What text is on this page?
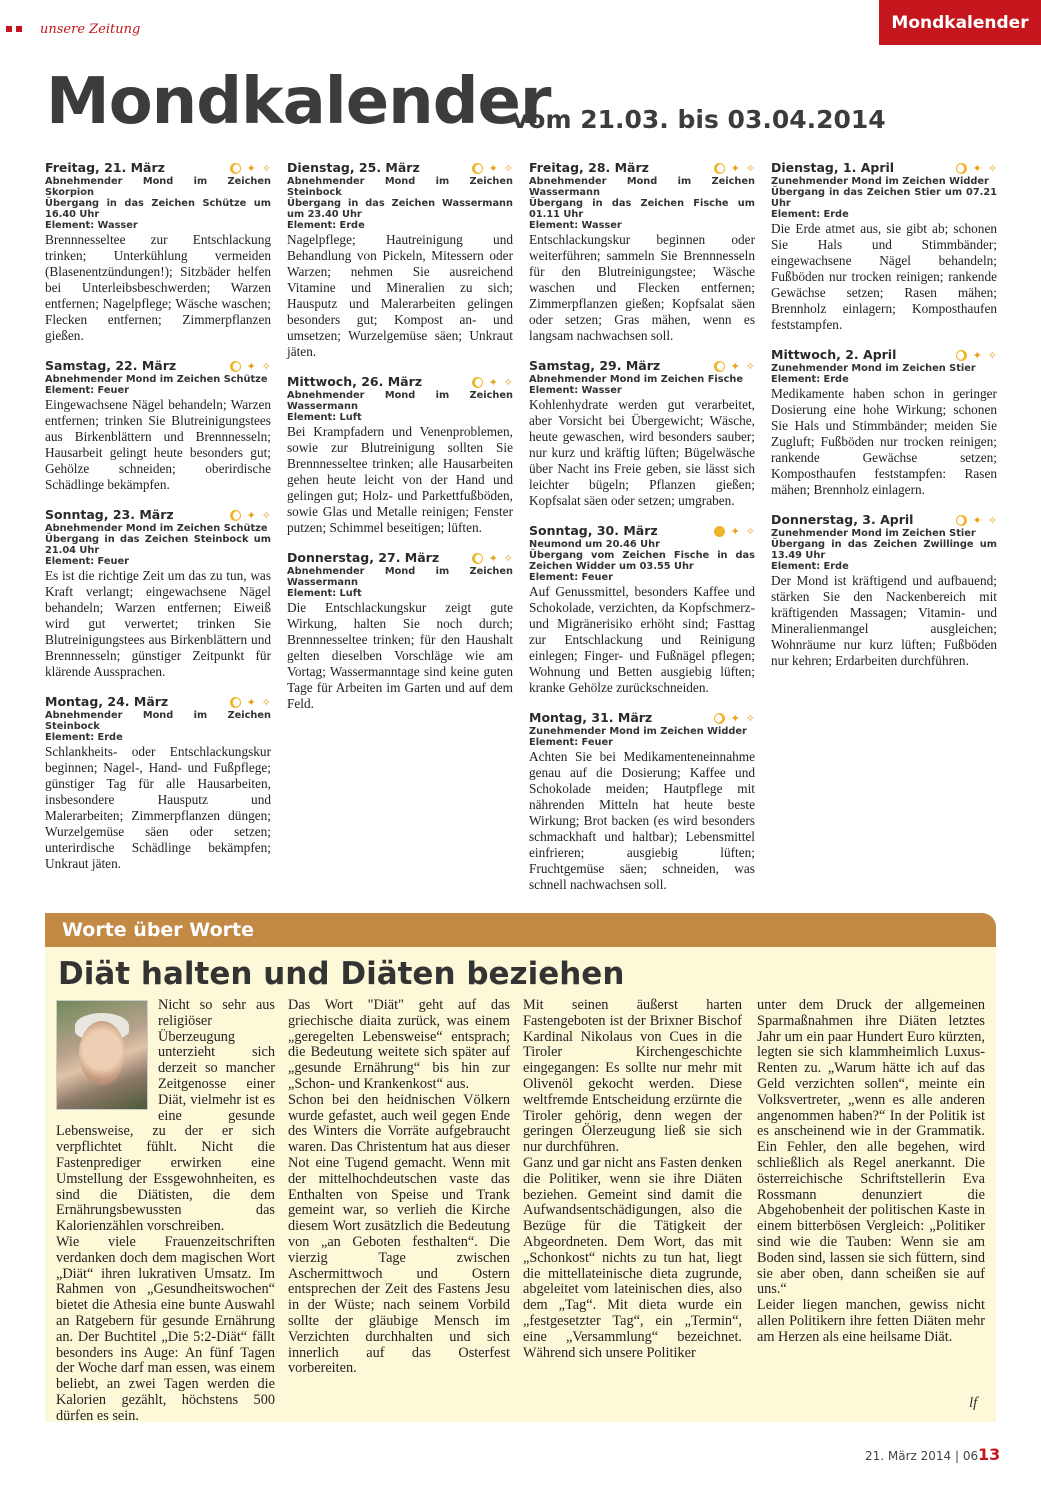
unsere Zeitung	Mondkalender
Mondkalender
vom 21.03. bis 03.04.2014
Freitag, 21. März	✦ ✧
Abnehmender Mond im Zeichen Skorpion
Übergang in das Zeichen Schütze um 16.40 Uhr
Element: Wasser
Brennnesseltee zur Entschlackung trinken; Unterkühlung vermeiden (Blasenentzündungen!); Sitzbäder helfen bei Unterleibsbeschwerden; Warzen entfernen; Nagelpflege; Wäsche waschen; Flecken entfernen; Zimmerpflanzen gießen.
Samstag, 22. März	✦ ✧
Abnehmender Mond im Zeichen Schütze
Element: Feuer
Eingewachsene Nägel behandeln; Warzen entfernen; trinken Sie Blutreinigungstees aus Birkenblättern und Brennnesseln; Hausarbeit gelingt heute besonders gut; Gehölze schneiden; oberirdische Schädlinge bekämpfen.
Sonntag, 23. März	✦ ✧
Abnehmender Mond im Zeichen Schütze
Übergang in das Zeichen Steinbock um 21.04 Uhr
Element: Feuer
Es ist die richtige Zeit um das zu tun, was Kraft verlangt; eingewachsene Nägel behandeln; Warzen entfernen; Eiweiß wird gut verwertet; trinken Sie Blutreinigungstees aus Birkenblättern und Brennnesseln; günstiger Zeitpunkt für klärende Aussprachen.
Montag, 24. März	✦ ✧
Abnehmender Mond im Zeichen Steinbock
Element: Erde
Schlankheits- oder Entschlackungskur beginnen; Nagel-, Hand- und Fußpflege; günstiger Tag für alle Hausarbeiten, insbesondere Hausputz und Malerarbeiten; Zimmerpflanzen düngen; Wurzelgemüse säen oder setzen; unterirdische Schädlinge bekämpfen; Unkraut jäten.
Dienstag, 25. März	✦ ✧
Abnehmender Mond im Zeichen Steinbock
Übergang in das Zeichen Wassermann um 23.40 Uhr
Element: Erde
Nagelpflege; Hautreinigung und Behandlung von Pickeln, Mitessern oder Warzen; nehmen Sie ausreichend Vitamine und Mineralien zu sich; Hausputz und Malerarbeiten gelingen besonders gut; Kompost an- und umsetzen; Wurzelgemüse säen; Unkraut jäten.
Mittwoch, 26. März	✦ ✧
Abnehmender Mond im Zeichen Wassermann
Element: Luft
Bei Krampfadern und Venenproblemen, sowie zur Blutreinigung sollten Sie Brennnesseltee trinken; alle Hausarbeiten gehen heute leicht von der Hand und gelingen gut; Holz- und Parkettfußböden, sowie Glas und Metalle reinigen; Fenster putzen; Schimmel beseitigen; lüften.
Donnerstag, 27. März	✦ ✧
Abnehmender Mond im Zeichen Wassermann
Element: Luft
Die Entschlackungskur zeigt gute Wirkung, halten Sie noch durch; Brennnesseltee trinken; für den Haushalt gelten dieselben Vorschläge wie am Vortag; Wassermanntage sind keine guten Tage für Arbeiten im Garten und auf dem Feld.
Freitag, 28. März	✦ ✧
Abnehmender Mond im Zeichen Wassermann
Übergang in das Zeichen Fische um 01.11 Uhr
Element: Wasser
Entschlackungskur beginnen oder weiterführen; sammeln Sie Brennnesseln für den Blutreinigungstee; Wäsche waschen und Flecken entfernen; Zimmerpflanzen gießen; Kopfsalat säen oder setzen; Gras mähen, wenn es langsam nachwachsen soll.
Samstag, 29. März	✦ ✧
Abnehmender Mond im Zeichen Fische
Element: Wasser
Kohlenhydrate werden gut verarbeitet, aber Vorsicht bei Übergewicht; Wäsche, heute gewaschen, wird besonders sauber; nur kurz und kräftig lüften; Bügelwäsche über Nacht ins Freie geben, sie lässt sich leichter bügeln; Pflanzen gießen; Kopfsalat säen oder setzen; umgraben.
Sonntag, 30. März	✦ ✧
Neumond um 20.46 Uhr
Übergang vom Zeichen Fische in das Zeichen Widder um 03.55 Uhr
Element: Feuer
Auf Genussmittel, besonders Kaffee und Schokolade, verzichten, da Kopfschmerz- und Migränerisiko erhöht sind; Fasttag zur Entschlackung und Reinigung einlegen; Finger- und Fußnägel pflegen; Wohnung und Betten ausgiebig lüften; kranke Gehölze zurückschneiden.
Montag, 31. März	✦ ✧
Zunehmender Mond im Zeichen Widder
Element: Feuer
Achten Sie bei Medikamenteneinnahme genau auf die Dosierung; Kaffee und Schokolade meiden; Hautpflege mit nährenden Mitteln hat heute beste Wirkung; Brot backen (es wird besonders schmackhaft und haltbar); Lebensmittel einfrieren; ausgiebig lüften; Fruchtgemüse säen; schneiden, was schnell nachwachsen soll.
Dienstag, 1. April	✦ ✧
Zunehmender Mond im Zeichen Widder
Übergang in das Zeichen Stier um 07.21 Uhr
Element: Erde
Die Erde atmet aus, sie gibt ab; schonen Sie Hals und Stimmbänder; eingewachsene Nägel behandeln; Fußböden nur trocken reinigen; rankende Gewächse setzen; Rasen mähen; Brennholz einlagern; Komposthaufen feststampfen.
Mittwoch, 2. April	✦ ✧
Zunehmender Mond im Zeichen Stier
Element: Erde
Medikamente haben schon in geringer Dosierung eine hohe Wirkung; schonen Sie Hals und Stimmbänder; meiden Sie Zugluft; Fußböden nur trocken reinigen; rankende Gewächse setzen; Komposthaufen feststampfen: Rasen mähen; Brennholz einlagern.
Donnerstag, 3. April	✦ ✧
Zunehmender Mond im Zeichen Stier
Übergang in das Zeichen Zwillinge um 13.49 Uhr
Element: Erde
Der Mond ist kräftigend und aufbauend; stärken Sie den Nackenbereich mit kräftigenden Massagen; Vitamin- und Mineralienmangel ausgleichen; Wohnräume nur kurz lüften; Fußböden nur kehren; Erdarbeiten durchführen.
Worte über Worte
Diät halten und Diäten beziehen

Nicht so sehr aus religiöser Überzeugung unterzieht sich derzeit so mancher Zeitgenosse einer Diät, vielmehr ist es eine gesunde Lebensweise, zu der er sich verpflichtet fühlt. Nicht die Fastenprediger erwirken eine Umstellung der Essgewohnheiten, es sind die Diätisten, die dem Ernährungsbewussten das Kalorienzählen vorschreiben.
Wie viele Frauenzeitschriften verdanken doch dem magischen Wort „Diät“ ihren lukrativen Umsatz. Im Rahmen von „Gesundheitswochen“ bietet die Athesia eine bunte Auswahl an Ratgebern für gesunde Ernährung an. Der Buchtitel „Die 5:2-Diät“ fällt besonders ins Auge: An fünf Tagen der Woche darf man essen, was einem beliebt, an zwei Tagen werden die Kalorien gezählt, höchstens 500 dürfen es sein.

Das Wort "Diät" geht auf das griechische diaita zurück, was einem „geregelten Lebensweise“ entsprach; die Bedeutung weitete sich später auf „gesunde Ernährung“ bis hin zur „Schon- und Krankenkost“ aus.
Schon bei den heidnischen Völkern wurde gefastet, auch weil gegen Ende des Winters die Vorräte aufgebraucht waren. Das Christentum hat aus dieser Not eine Tugend gemacht. Wenn mit der mittelhochdeutschen vaste das Enthalten von Speise und Trank gemeint war, so verlieh die Kirche diesem Wort zusätzlich die Bedeutung von „an Geboten festhalten“. Die vierzig Tage zwischen Aschermittwoch und Ostern entsprechen der Zeit des Fastens Jesu in der Wüste; nach seinem Vorbild sollte der gläubige Mensch im Verzichten durchhalten und sich innerlich auf das Osterfest vorbereiten.

Mit seinen äußerst harten Fastengeboten ist der Brixner Bischof Kardinal Nikolaus von Cues in die Tiroler Kirchengeschichte eingegangen: Es sollte nur mehr mit Olivenöl gekocht werden. Diese weltfremde Entscheidung erzürnte die Tiroler gehörig, denn wegen der geringen Ölerzeugung ließ sie sich nur durchführen.
Ganz und gar nicht ans Fasten denken die Politiker, wenn sie ihre Diäten beziehen. Gemeint sind damit die Aufwandsentschädigungen, also die Bezüge für die Tätigkeit der Abgeordneten. Dem Wort, das mit „Schonkost“ nichts zu tun hat, liegt die mittellateinische dieta zugrunde, abgeleitet vom lateinischen dies, also dem „Tag“. Mit dieta wurde ein „festgesetzter Tag“, ein „Termin“, eine „Versammlung“ bezeichnet. Während sich unsere Politiker

unter dem Druck der allgemeinen Sparmaßnahmen ihre Diäten letztes Jahr um ein paar Hundert Euro kürzten, legten sie sich klammheimlich Luxus-Renten zu. „Warum hätte ich auf das Geld verzichten sollen“, meinte ein Volksvertreter, „wenn es alle anderen angenommen haben?“ In der Politik ist es anscheinend wie in der Grammatik. Ein Fehler, den alle begehen, wird schließlich als Regel anerkannt. Die österreichische Schriftstellerin Eva Rossmann denunziert die Abgehobenheit der politischen Kaste in einem bitterbösen Vergleich: „Politiker sind wie die Tauben: Wenn sie am Boden sind, lassen sie sich füttern, sind sie aber oben, dann scheißen sie auf uns.“
Leider liegen manchen, gewiss nicht allen Politikern ihre fetten Diäten mehr am Herzen als eine heilsame Diät.

lf
21. März 2014 | 06 13
